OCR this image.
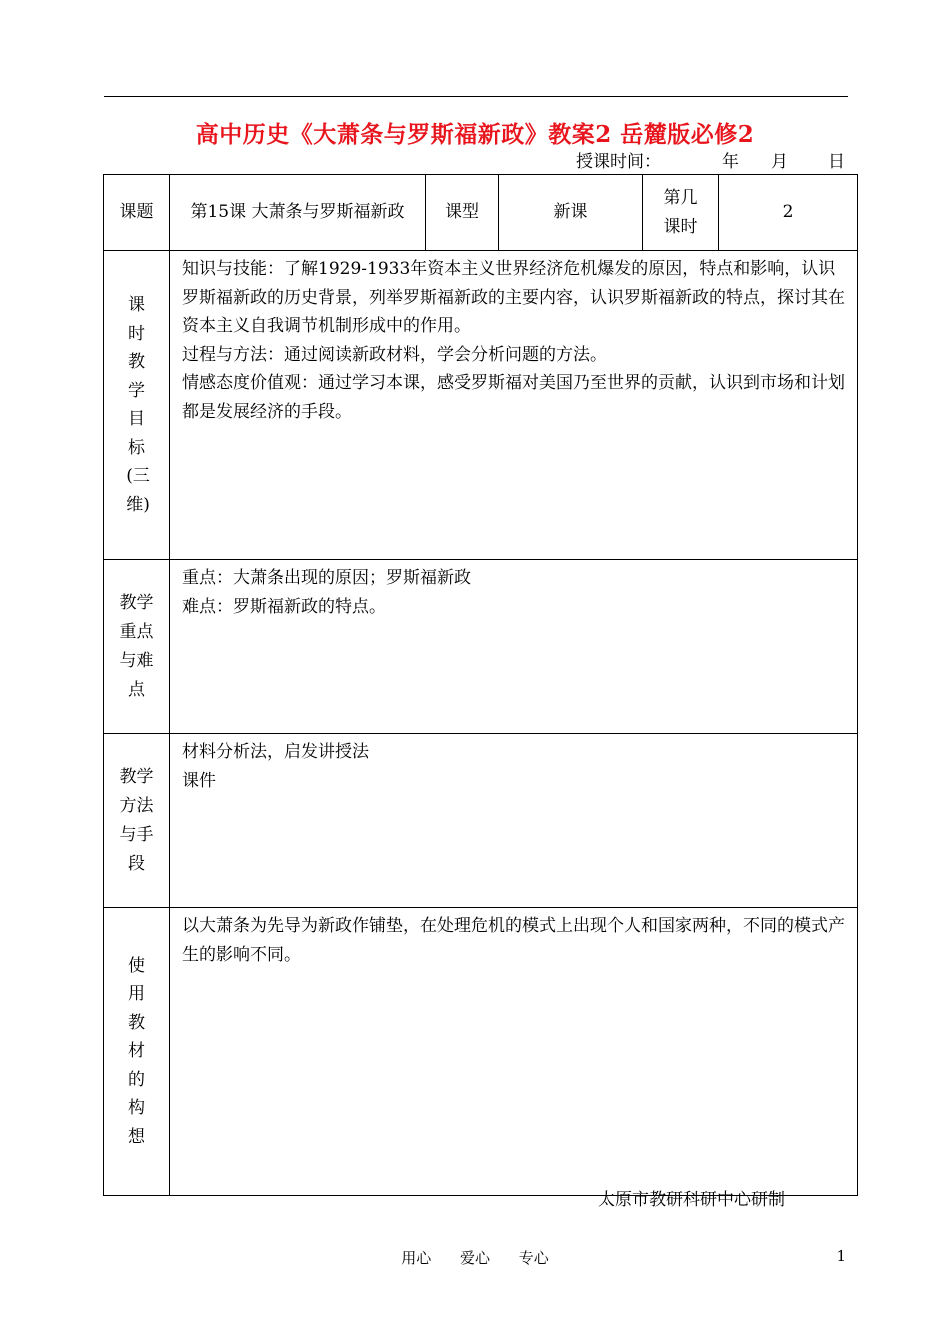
高中历史《大萧条与罗斯福新政》教案2 岳麓版必修2
授课时间：	年 月 日
课题	第15课 大萧条与罗斯福新政	课型	新课	第几课时	2
课时教学目标(三维)	知识与技能：了解1929-1933年资本主义世界经济危机爆发的原因，特点和影响，认识罗斯福新政的历史背景，列举罗斯福新政的主要内容，认识罗斯福新政的特点，探讨其在资本主义自我调节机制形成中的作用。

过程与方法：通过阅读新政材料，学会分析问题的方法。

情感态度价值观：通过学习本课，感受罗斯福对美国乃至世界的贡献，认识到市场和计划都是发展经济的手段。				

教学重点与难点	重点：大萧条出现的原因；罗斯福新政

难点：罗斯福新政的特点。				

教学方法与手段	材料分析法，启发讲授法

课件				

使用教材的构想	以大萧条为先导为新政作铺垫，在处理危机的模式上出现个人和国家两种，不同的模式产生的影响不同。				

太原市教研科研中心研制
用心 爱心 专心	1
